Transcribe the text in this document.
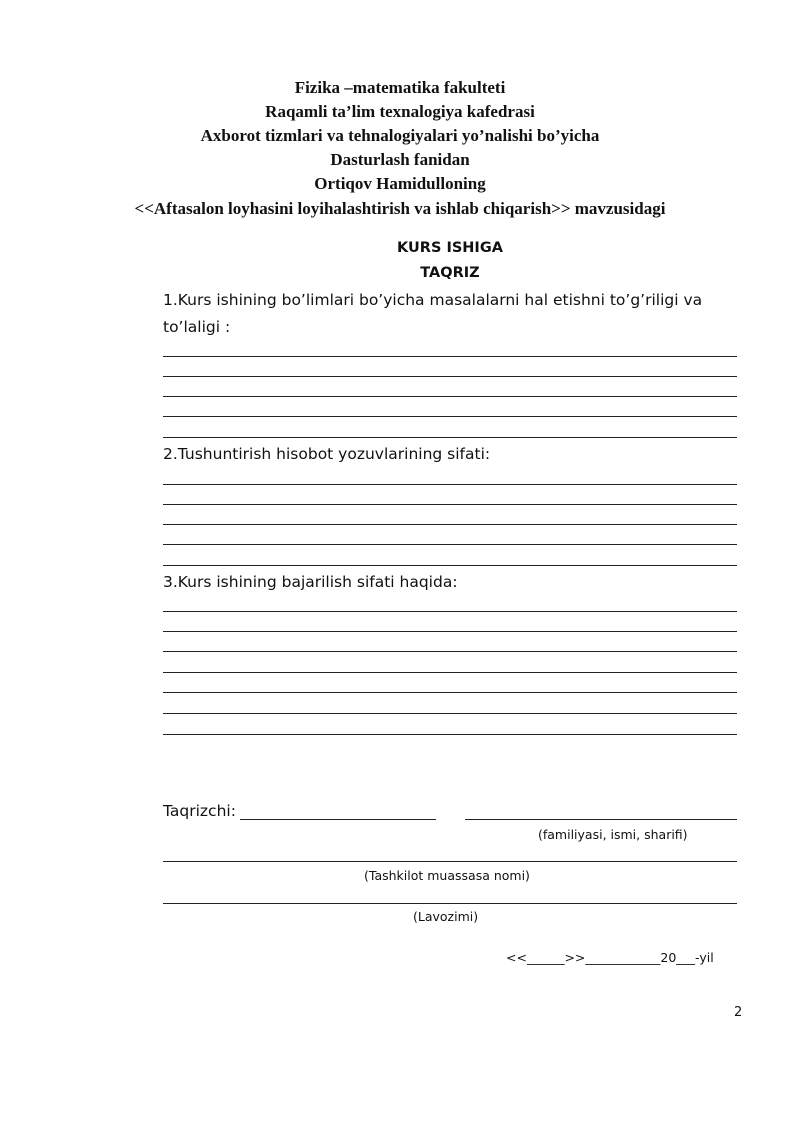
Fizika –matematika fakulteti
Raqamli ta’lim texnalogiya kafedrasi
Axborot tizmlari va tehnalogiyalari yo’nalishi bo’yicha
Dasturlash fanidan
Ortiqov Hamidulloning
<<Aftasalon loyhasini loyihalashtirish va ishlab chiqarish>> mavzusidagi
KURS ISHIGA
TAQRIZ
1.Kurs ishining bo’limlari bo’yicha masalalarni hal etishni to’g’riligi va
to’laligi :
2.Tushuntirish hisobot yozuvlarining sifati:
3.Kurs ishining bajarilish sifati haqida:
Taqrizchi:
(familiyasi, ismi, sharifi)
(Tashkilot muassasa nomi)
(Lavozimi)
<<______>>____________20___-yil
2
